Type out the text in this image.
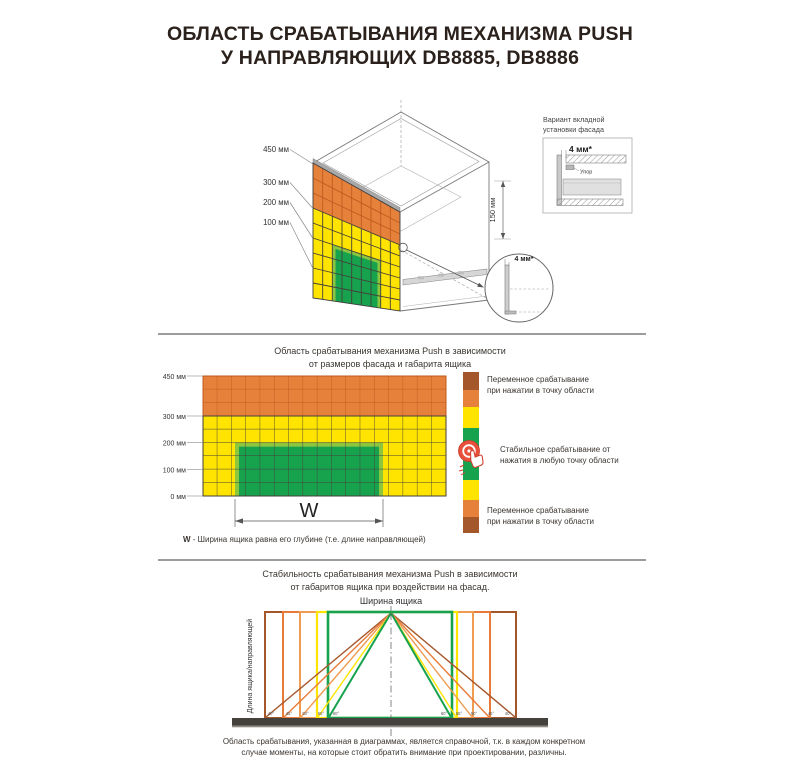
ОБЛАСТЬ СРАБАТЫВАНИЯ МЕХАНИЗМА PUSH
У НАПРАВЛЯЮЩИХ DB8885, DB8886
450 мм
300 мм
200 мм
100 мм
150 мм
4 мм*
Вариант вкладной
установки фасада
4 мм*
Упор
Область срабатывания механизма Push в зависимости
от размеров фасада и габарита ящика
450 мм
300 мм
200 мм
100 мм
0 мм
W
Переменное срабатывание
при нажатии в точку области
Стабильное срабатывание от
нажатия в любую точку области
Переменное срабатывание
при нажатии в точку области
W - Ширина ящика равна его глубине (т.е. длине направляющей)
Стабильность срабатывания механизма Push в зависимости
от габаритов ящика при воздействии на фасад.
Ширина ящика
40°	45° 50° 55° 60°	60° 55° 50°	45°	40°
Длина ящика/направляющей
Область срабатывания, указанная в диаграммах, является справочной, т.к. в каждом конкретном
случае моменты, на которые стоит обратить внимание при проектировании, различны.
